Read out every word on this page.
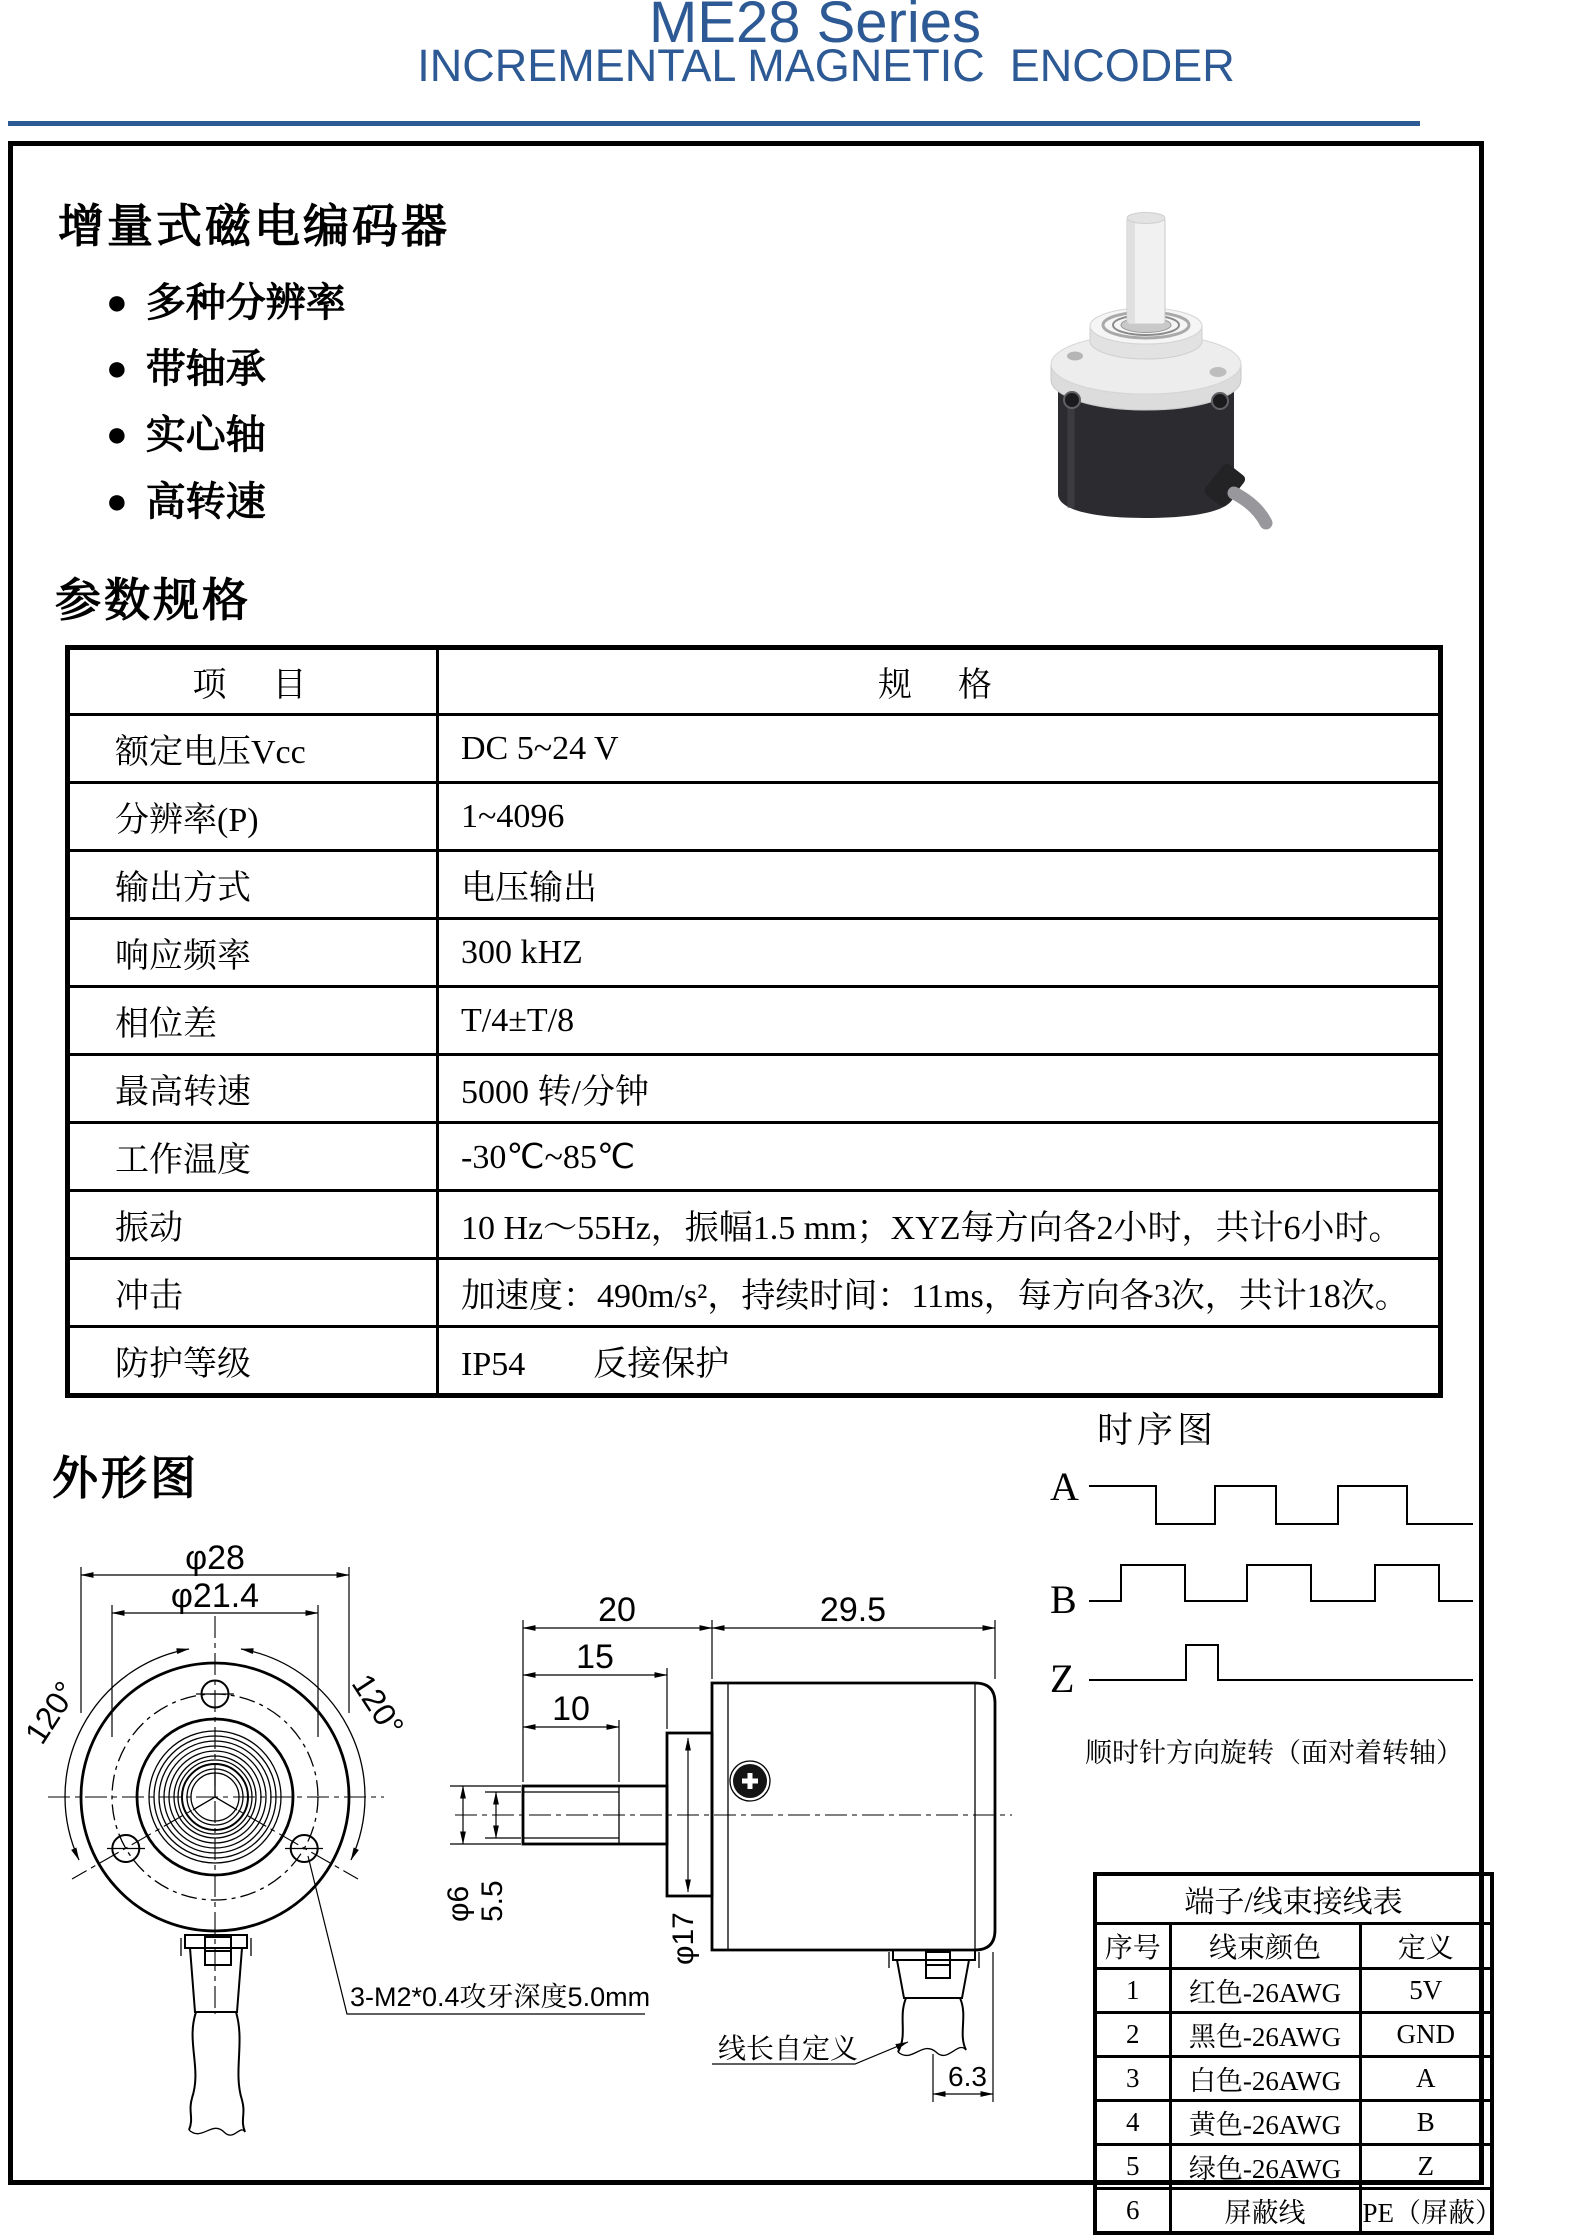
ME28 Series
INCREMENTAL MAGNETIC  ENCODER
增量式磁电编码器
● 多种分辨率
● 带轴承
● 实心轴
● 高转速
参数规格
项　目	规　格
额定电压Vcc	DC 5~24 V
分辨率(P)	1~4096
输出方式	电压输出
响应频率	300 kHZ
相位差	T/4±T/8
最高转速	5000 转/分钟
工作温度	-30℃~85℃
振动	10 Hz～55Hz，振幅1.5 mm；XYZ每方向各2小时，共计6小时。
冲击	加速度：490m/s²，持续时间：11ms，每方向各3次，共计18次。
防护等级	IP54　　反接保护
外形图
120°	120°
φ28
φ21.4
3-M2*0.4攻牙深度5.0mm
20	29.5
15
10
φ6 5.5
φ17
线长自定义
6.3
时序图
A
B
Z
顺时针方向旋转（面对着转轴）
端子/线束接线表		
序号	线束颜色	定义
1	红色-26AWG	5V
2	黑色-26AWG	GND
3	白色-26AWG	A
4	黄色-26AWG	B
5	绿色-26AWG	Z
6	屏蔽线	PE（屏蔽）
